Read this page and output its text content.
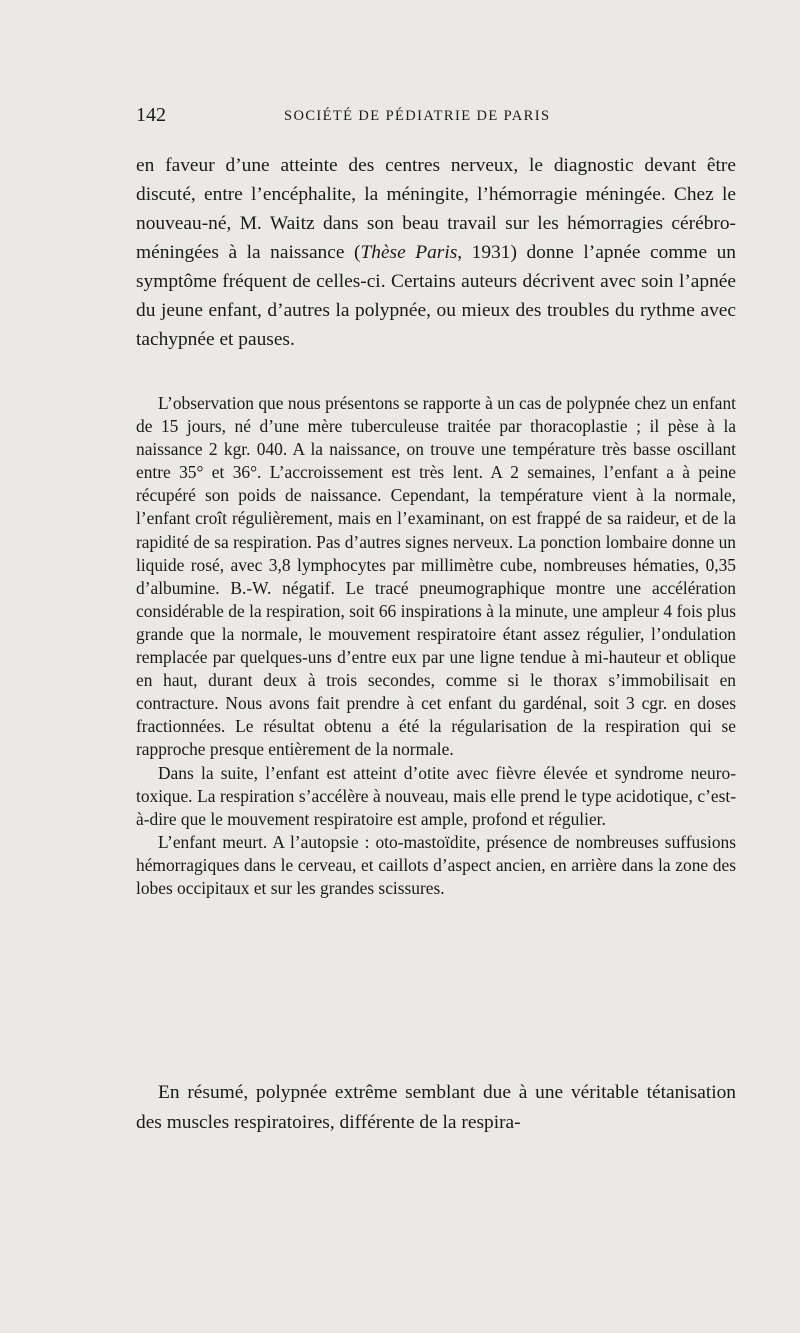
142	SOCIÉTÉ DE PÉDIATRIE DE PARIS

en faveur d’une atteinte des centres nerveux, le diagnostic devant être discuté, entre l’encéphalite, la méningite, l’hémorragie méningée. Chez le nouveau-né, M. Waitz dans son beau travail sur les hémorragies cérébro-méningées à la naissance (Thèse Paris, 1931) donne l’apnée comme un symptôme fréquent de celles-ci. Certains auteurs décrivent avec soin l’apnée du jeune enfant, d’autres la polypnée, ou mieux des troubles du rythme avec tachypnée et pauses.

L’observation que nous présentons se rapporte à un cas de polypnée chez un enfant de 15 jours, né d’une mère tuberculeuse traitée par thoracoplastie ; il pèse à la naissance 2 kgr. 040. A la naissance, on trouve une température très basse oscillant entre 35° et 36°. L’accroissement est très lent. A 2 semaines, l’enfant a à peine récupéré son poids de naissance. Cependant, la température vient à la normale, l’enfant croît régulièrement, mais en l’examinant, on est frappé de sa raideur, et de la rapidité de sa respiration. Pas d’autres signes nerveux. La ponction lombaire donne un liquide rosé, avec 3,8 lymphocytes par millimètre cube, nombreuses hématies, 0,35 d’albumine. B.-W. négatif. Le tracé pneumographique montre une accélération considérable de la respiration, soit 66 inspirations à la minute, une ampleur 4 fois plus grande que la normale, le mouvement respiratoire étant assez régulier, l’ondulation remplacée par quelques-uns d’entre eux par une ligne tendue à mi-hauteur et oblique en haut, durant deux à trois secondes, comme si le thorax s’immobilisait en contracture. Nous avons fait prendre à cet enfant du gardénal, soit 3 cgr. en doses fractionnées. Le résultat obtenu a été la régularisation de la respiration qui se rapproche presque entièrement de la normale.

Dans la suite, l’enfant est atteint d’otite avec fièvre élevée et syndrome neuro-toxique. La respiration s’accélère à nouveau, mais elle prend le type acidotique, c’est-à-dire que le mouvement respiratoire est ample, profond et régulier.

L’enfant meurt. A l’autopsie : oto-mastoïdite, présence de nombreuses suffusions hémorragiques dans le cerveau, et caillots d’aspect ancien, en arrière dans la zone des lobes occipitaux et sur les grandes scissures.

En résumé, polypnée extrême semblant due à une véritable tétanisation des muscles respiratoires, différente de la respira-
